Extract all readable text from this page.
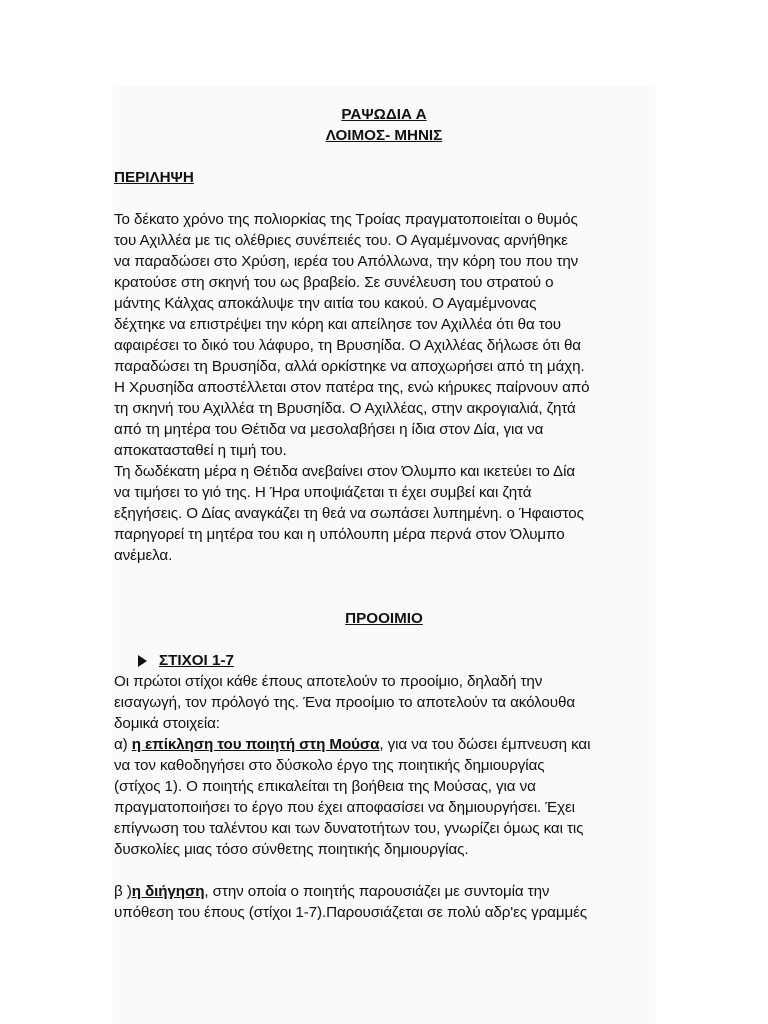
ΡΑΨΩΔΙΑ Α
ΛΟΙΜΟΣ- ΜΗΝΙΣ
ΠΕΡΙΛΗΨΗ

Το δέκατο χρόνο της πολιορκίας της Τροίας πραγματοποιείται ο θυμός

του Αχιλλέα με τις ολέθριες συνέπειές του. Ο Αγαμέμνονας αρνήθηκε

να παραδώσει στο Χρύση, ιερέα του Απόλλωνα, την κόρη του που την

κρατούσε στη σκηνή του ως βραβείο. Σε συνέλευση του στρατού ο

μάντης Κάλχας αποκάλυψε την αιτία του κακού. Ο Αγαμέμνονας

δέχτηκε να επιστρέψει την κόρη και απείλησε τον Αχιλλέα ότι θα του

αφαιρέσει το δικό του λάφυρο, τη Βρυσηίδα. Ο Αχιλλέας δήλωσε ότι θα

παραδώσει τη Βρυσηίδα, αλλά ορκίστηκε να αποχωρήσει από τη μάχη.

Η Χρυσηίδα αποστέλλεται στον πατέρα της, ενώ κήρυκες παίρνουν από

τη σκηνή του Αχιλλέα τη Βρυσηίδα. Ο Αχιλλέας, στην ακρογιαλιά, ζητά

από τη μητέρα του Θέτιδα να μεσολαβήσει η ίδια στον Δία, για να

αποκατασταθεί η τιμή του.

Τη δωδέκατη μέρα η Θέτιδα ανεβαίνει στον Όλυμπο και ικετεύει το Δία

να τιμήσει το γιό της. Η Ήρα υποψιάζεται τι έχει συμβεί και ζητά

εξηγήσεις. Ο Δίας αναγκάζει τη θεά να σωπάσει λυπημένη. ο Ήφαιστος

παρηγορεί τη μητέρα του και η υπόλουπη μέρα περνά στον Όλυμπο

ανέμελα.

ΠΡΟΟΙΜΙΟ
ΣΤΙΧΟΙ 1-7

Οι πρώτοι στίχοι κάθε έπους αποτελούν το προοίμιο, δηλαδή την

εισαγωγή, τον πρόλογό της. Ένα προοίμιο το αποτελούν τα ακόλουθα

δομικά στοιχεία:

α) η επίκληση του ποιητή στη Μούσα, για να του δώσει έμπνευση και

να τον καθοδηγήσει στο δύσκολο έργο της ποιητικής δημιουργίας

(στίχος 1). Ο ποιητής επικαλείται τη βοήθεια της Μούσας, για να

πραγματοποιήσει το έργο που έχει αποφασίσει να δημιουργήσει. Έχει

επίγνωση του ταλέντου και των δυνατοτήτων του, γνωρίζει όμως και τις

δυσκολίες μιας τόσο σύνθετης ποιητικής δημιουργίας.

β )η διήγηση, στην οποία ο ποιητής παρουσιάζει με συντομία την

υπόθεση του έπους (στίχοι 1-7).Παρουσιάζεται σε πολύ αδρ'ες γραμμές
